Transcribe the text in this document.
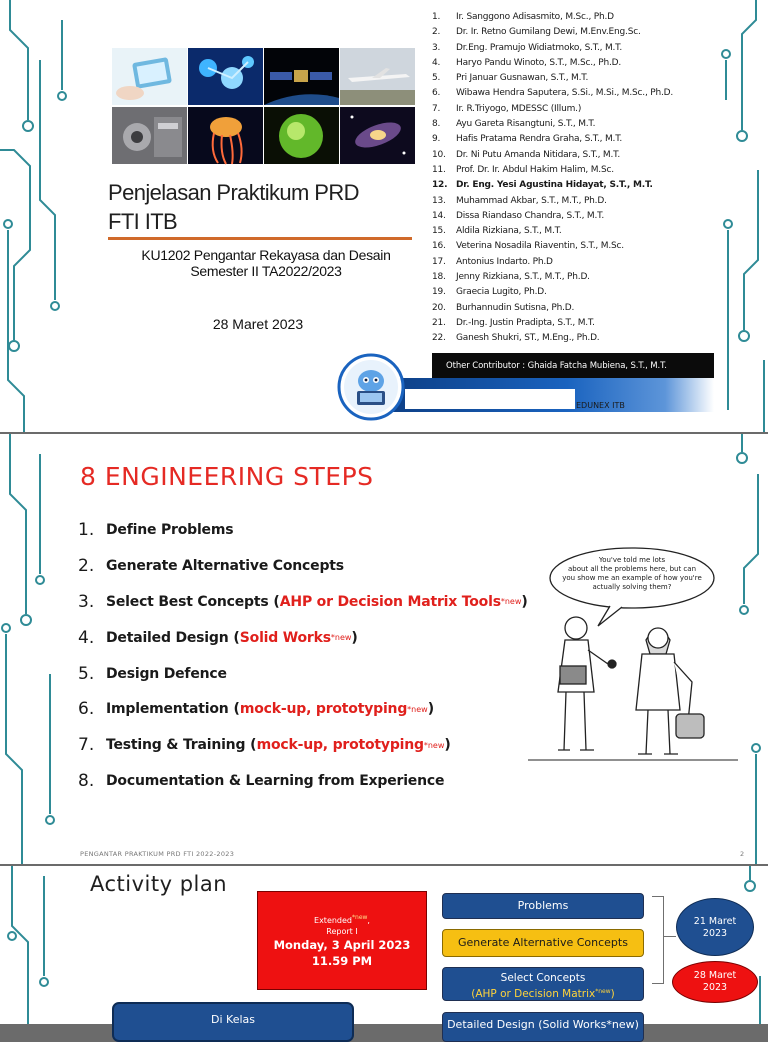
Penjelasan Praktikum PRD
FTI ITB
KU1202 Pengantar Rekayasa dan Desain
Semester II TA2022/2023
28 Maret 2023
1. Ir. Sanggono Adisasmito, M.Sc., Ph.D
2. Dr. Ir. Retno Gumilang Dewi, M.Env.Eng.Sc.
3. Dr.Eng. Pramujo Widiatmoko, S.T., M.T.
4. Haryo Pandu Winoto, S.T., M.Sc., Ph.D.
5. Pri Januar Gusnawan, S.T., M.T.
6. Wibawa Hendra Saputera, S.Si., M.Si., M.Sc., Ph.D.
7. Ir. R.Triyogo, MDESSC (Illum.)
8. Ayu Gareta Risangtuni, S.T., M.T.
9. Hafis Pratama Rendra Graha, S.T., M.T.
10. Dr. Ni Putu Amanda Nitidara, S.T., M.T.
11. Prof. Dr. Ir. Abdul Hakim Halim, M.Sc.
12. Dr. Eng. Yesi Agustina Hidayat, S.T., M.T.
13. Muhammad Akbar, S.T., M.T., Ph.D.
14. Dissa Riandaso Chandra, S.T., M.T.
15. Aldila Rizkiana, S.T., M.T.
16. Veterina Nosadila Riaventin, S.T., M.Sc.
17. Antonius Indarto. Ph.D
18. Jenny Rizkiana, S.T., M.T., Ph.D.
19. Graecia Lugito, Ph.D.
20. Burhannudin Sutisna, Ph.D.
21. Dr.-Ing. Justin Pradipta, S.T., M.T.
22. Ganesh Shukri, ST., M.Eng., Ph.D.
Other Contributor : Ghaida Fatcha Mubiena, S.T., M.T.
EDUNEX ITB
8 ENGINEERING STEPS
1. Define Problems
2. Generate Alternative Concepts
3. Select Best Concepts ( AHP or Decision Matrix Tools *new )
4. Detailed Design ( Solid Works *new )
5. Design Defence
6. Implementation ( mock-up, prototyping *new )
7. Testing & Training ( mock-up, prototyping *new )
8. Documentation & Learning from Experience
You've told me lots about all the problems here, but can you show me an example of how you're actually solving them?
PENGANTAR PRAKTIKUM PRD FTI 2022-2023	2
Activity plan
Extended$^{*new}$,
Report I
Monday, 3 April 2023
11.59 PM
Problems
Generate Alternative Concepts
Select Concepts
(AHP or Decision Matrix$^{*new}$)
Detailed Design (Solid Works*new)
21 Maret
2023
28 Maret
2023
Di Kelas
